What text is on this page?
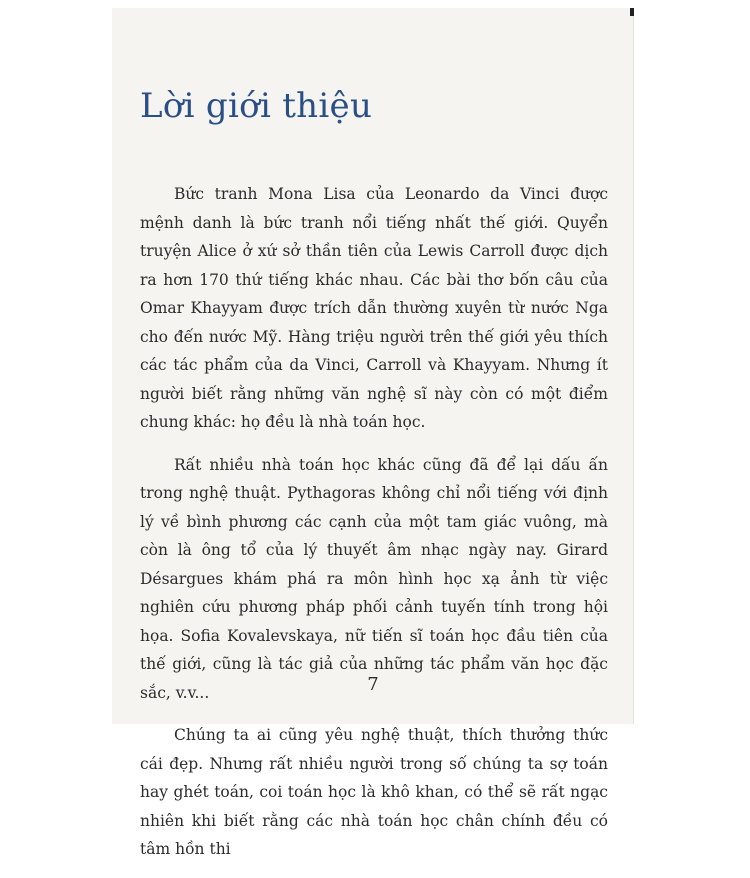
Lời giới thiệu

Bức tranh Mona Lisa của Leonardo da Vinci được mệnh danh là bức tranh nổi tiếng nhất thế giới. Quyển truyện Alice ở xứ sở thần tiên của Lewis Carroll được dịch ra hơn 170 thứ tiếng khác nhau. Các bài thơ bốn câu của Omar Khayyam được trích dẫn thường xuyên từ nước Nga cho đến nước Mỹ. Hàng triệu người trên thế giới yêu thích các tác phẩm của da Vinci, Carroll và Khayyam. Nhưng ít người biết rằng những văn nghệ sĩ này còn có một điểm chung khác: họ đều là nhà toán học.

Rất nhiều nhà toán học khác cũng đã để lại dấu ấn trong nghệ thuật. Pythagoras không chỉ nổi tiếng với định lý về bình phương các cạnh của một tam giác vuông, mà còn là ông tổ của lý thuyết âm nhạc ngày nay. Girard Désargues khám phá ra môn hình học xạ ảnh từ việc nghiên cứu phương pháp phối cảnh tuyến tính trong hội họa. Sofia Kovalevskaya, nữ tiến sĩ toán học đầu tiên của thế giới, cũng là tác giả của những tác phẩm văn học đặc sắc, v.v...

Chúng ta ai cũng yêu nghệ thuật, thích thưởng thức cái đẹp. Nhưng rất nhiều người trong số chúng ta sợ toán hay ghét toán, coi toán học là khô khan, có thể sẽ rất ngạc nhiên khi biết rằng các nhà toán học chân chính đều có tâm hồn thi

7
